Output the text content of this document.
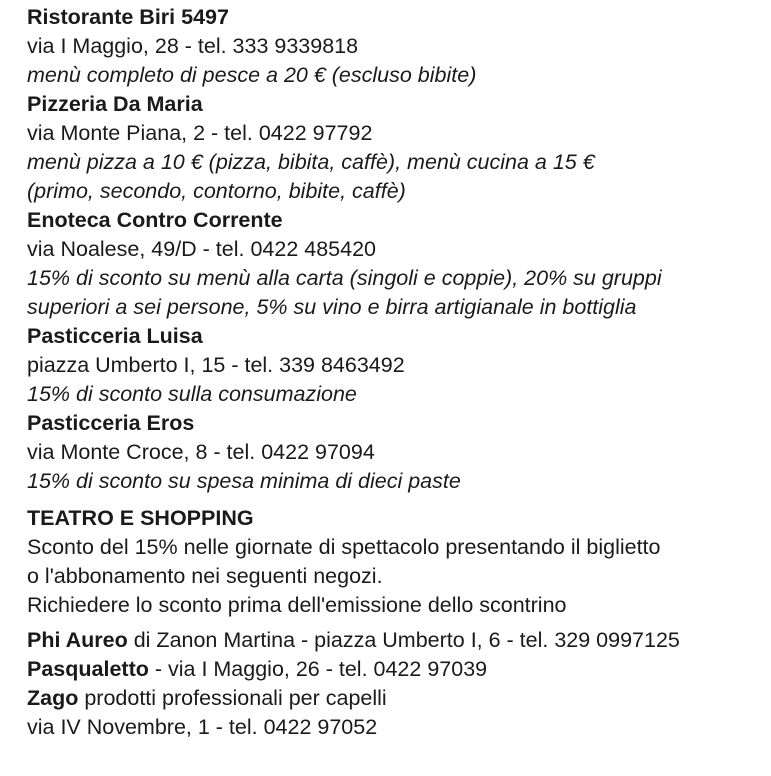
Ristorante Biri 5497
via I Maggio, 28 - tel. 333 9339818
menù completo di pesce a 20 € (escluso bibite)
Pizzeria Da Maria
via Monte Piana, 2 - tel. 0422 97792
menù pizza a 10 € (pizza, bibita, caffè), menù cucina a 15 €
(primo, secondo, contorno, bibite, caffè)
Enoteca Contro Corrente
via Noalese, 49/D - tel. 0422 485420
15% di sconto su menù alla carta (singoli e coppie), 20% su gruppi
superiori a sei persone, 5% su vino e birra artigianale in bottiglia
Pasticceria Luisa
piazza Umberto I, 15 - tel. 339 8463492
15% di sconto sulla consumazione
Pasticceria Eros
via Monte Croce, 8 - tel. 0422 97094
15% di sconto su spesa minima di dieci paste
TEATRO E SHOPPING
Sconto del 15% nelle giornate di spettacolo presentando il biglietto
o l'abbonamento nei seguenti negozi.
Richiedere lo sconto prima dell'emissione dello scontrino
Phi Aureo di Zanon Martina - piazza Umberto I, 6 - tel. 329 0997125
Pasqualetto - via I Maggio, 26 - tel. 0422 97039
Zago prodotti professionali per capelli
via IV Novembre, 1 - tel. 0422 97052
